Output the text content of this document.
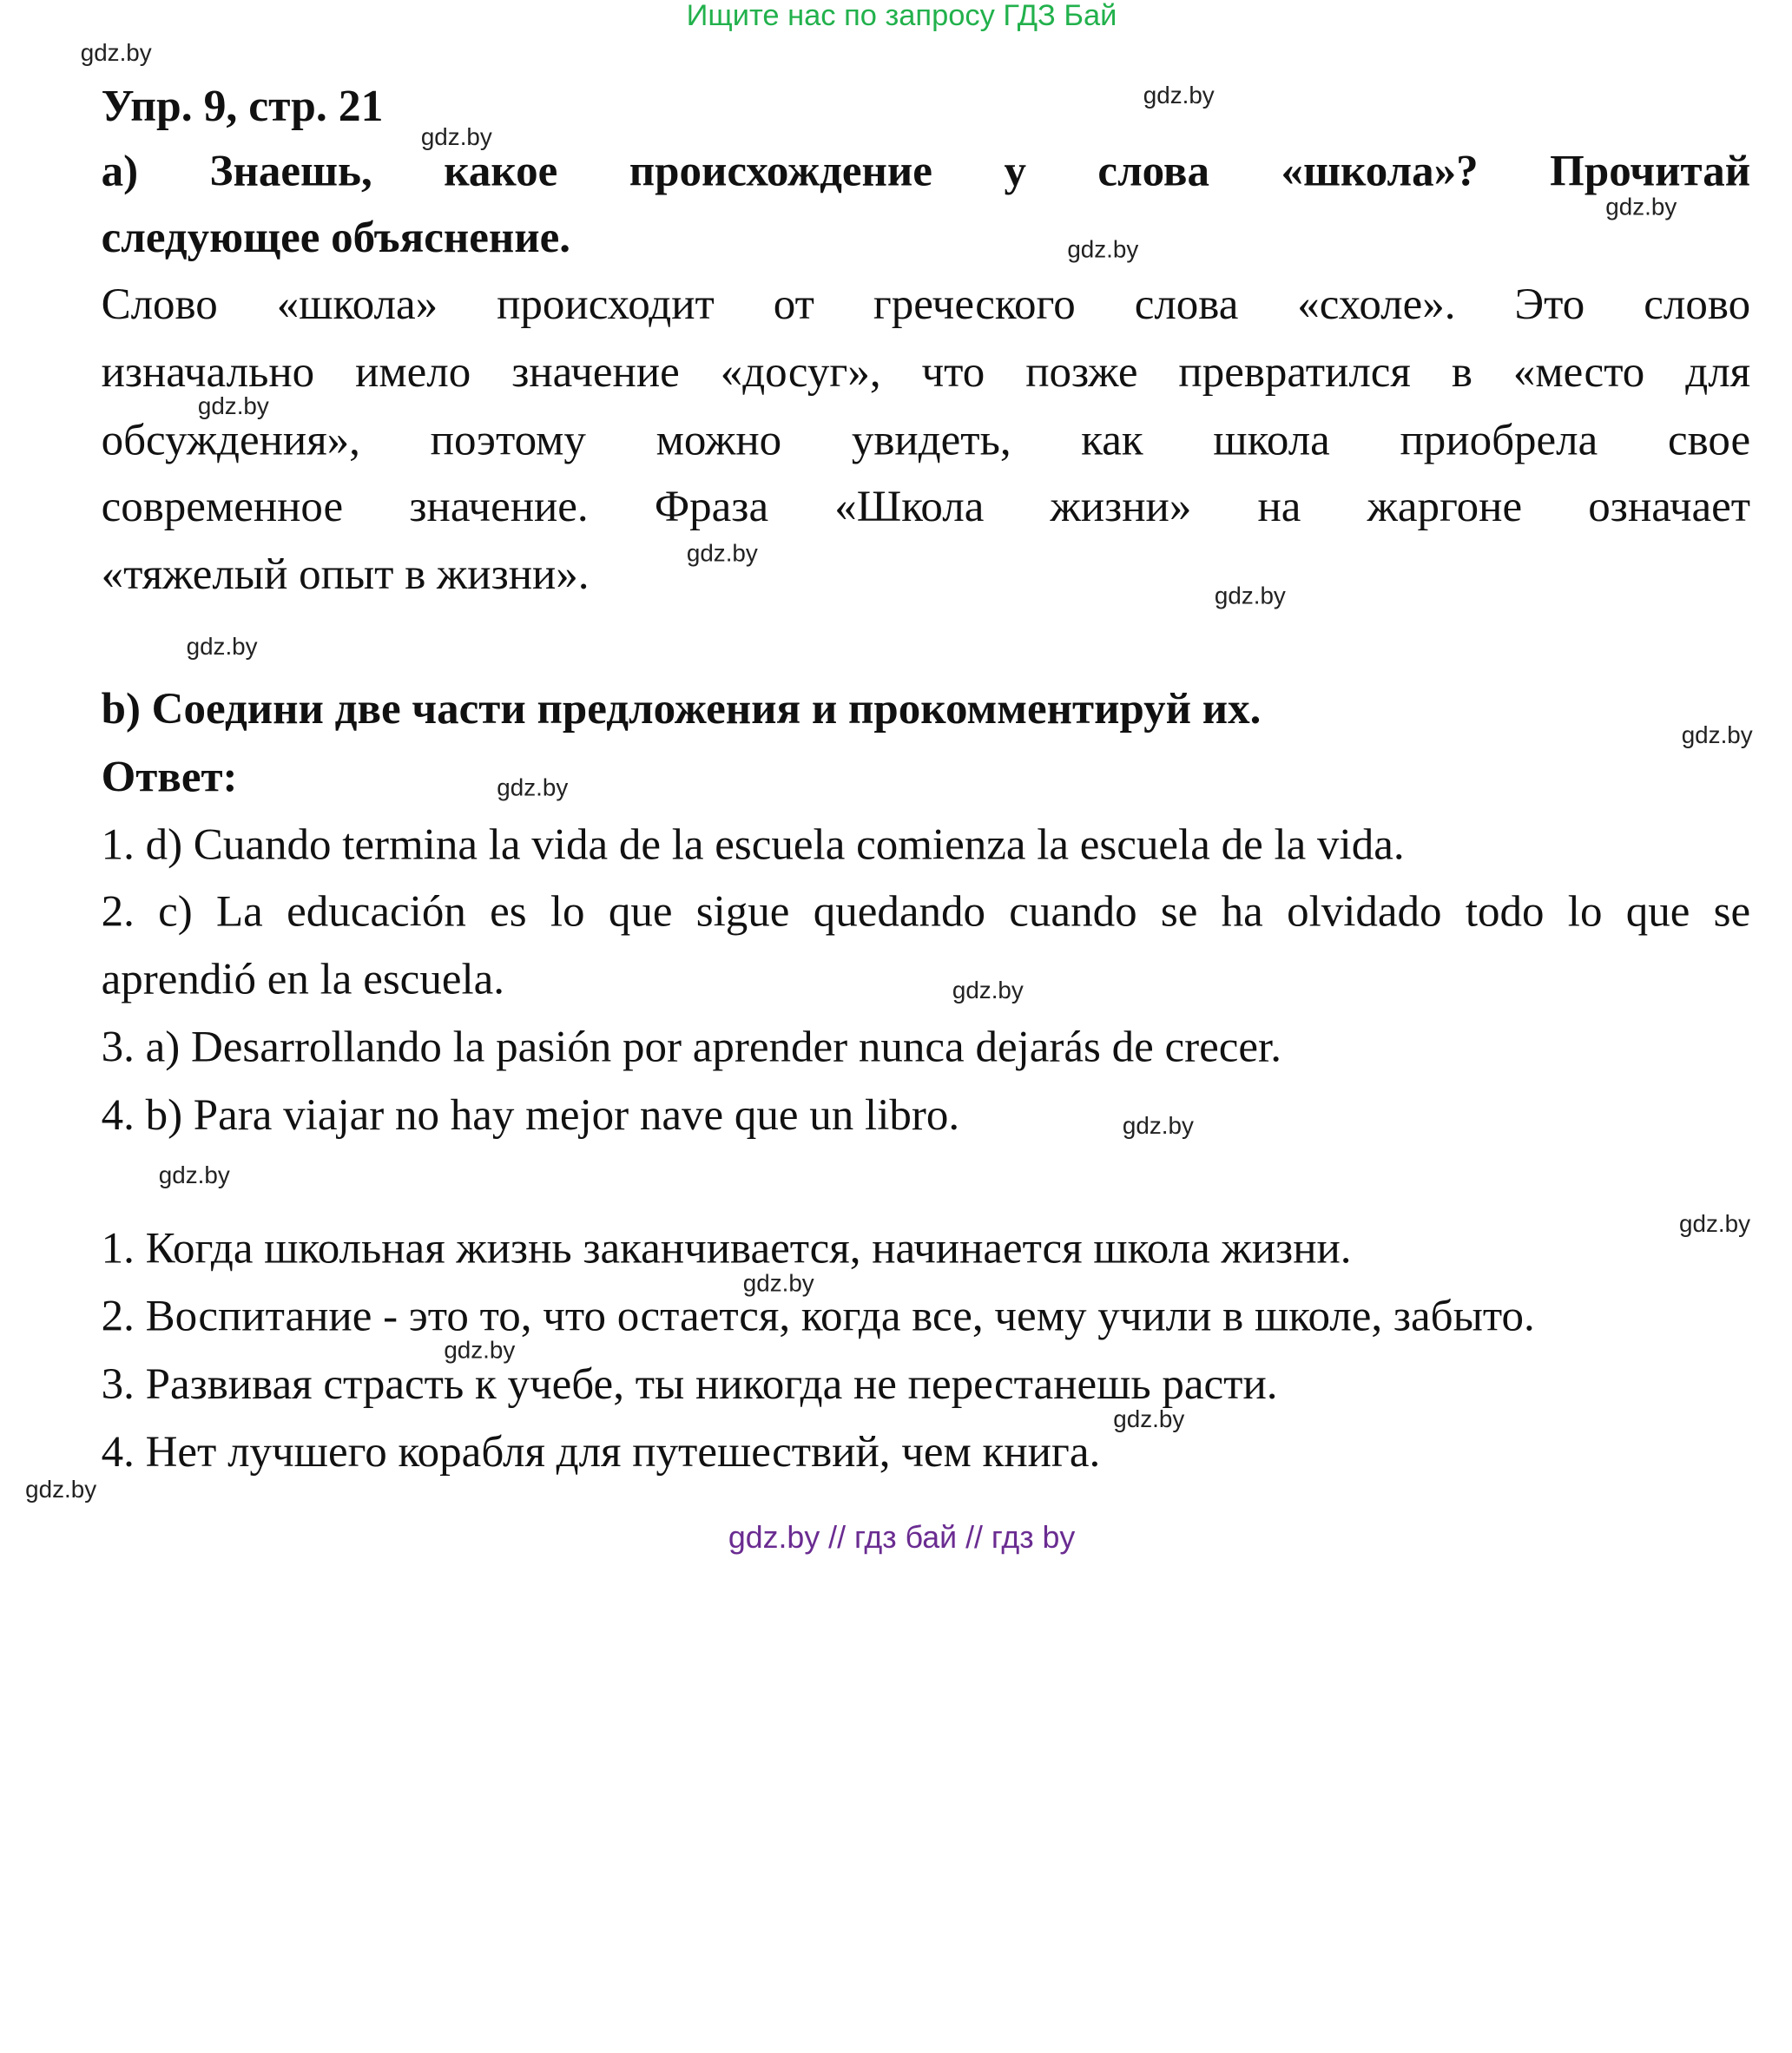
Ищите нас по запросу ГДЗ Бай
Упр. 9, стр. 21
а) Знаешь, какое происхождение у слова «школа»? Прочитай
следующее объяснение.
Слово «школа» происходит от греческого слова «схоле». Это слово
изначально имело значение «досуг», что позже превратился в «место для
обсуждения», поэтому можно увидеть, как школа приобрела свое
современное значение. Фраза «Школа жизни» на жаргоне означает
«тяжелый опыт в жизни».
b) Соедини две части предложения и прокомментируй их.
Ответ:
1. d) Cuando termina la vida de la escuela comienza la escuela de la vida.
2. c) La educación es lo que sigue quedando cuando se ha olvidado todo lo que se
aprendió en la escuela.
3. a) Desarrollando la pasión por aprender nunca dejarás de crecer.
4. b) Para viajar no hay mejor nave que un libro.
1. Когда школьная жизнь заканчивается, начинается школа жизни.
2. Воспитание - это то, что остается, когда все, чему учили в школе, забыто.
3. Развивая страсть к учебе, ты никогда не перестанешь расти.
4. Нет лучшего корабля для путешествий, чем книга.
gdz.by
gdz.by
gdz.by
gdz.by
gdz.by
gdz.by
gdz.by
gdz.by
gdz.by
gdz.by
gdz.by
gdz.by
gdz.by
gdz.by
gdz.by
gdz.by
gdz.by
gdz.by
gdz.by
gdz.by // гдз бай // гдз by
